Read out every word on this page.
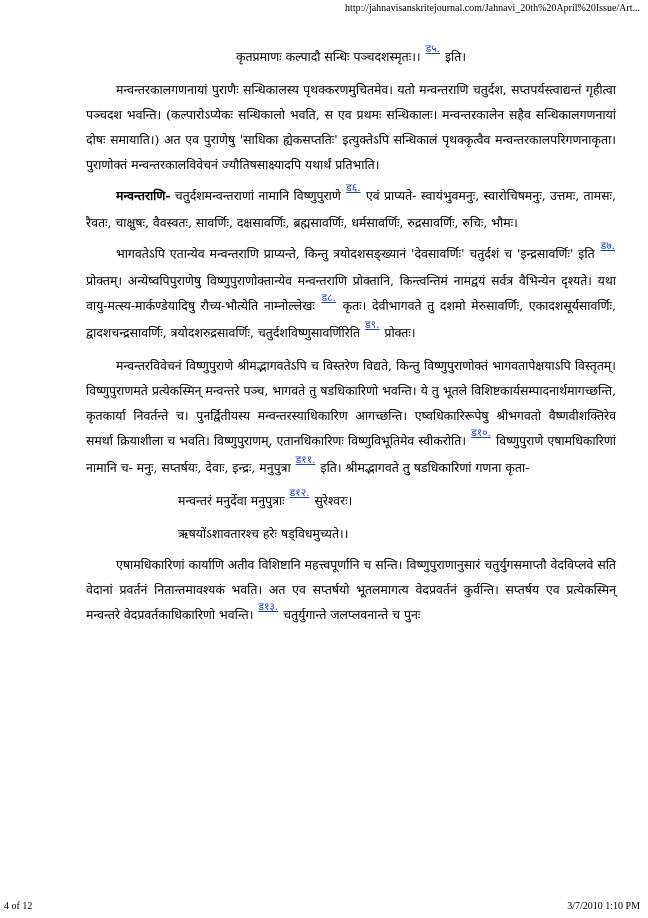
http://jahnavisanskritejournal.com/Jahnavi_20th%20April%20Issue/Art...

कृतप्रमाणः कल्पादौ सन्धिः पञ्चदशस्मृतः।। $^{ड५.}$ इति।

मन्वन्तरकालगणनायां पुराणैः सन्धिकालस्य पृथक्करणमुचितमेव। यतो मन्वन्तराणि चतुर्दश, सप्तपर्यस्त्वाद्यन्तं गृहीत्वा पञ्चदश भवन्ति। (कल्पारोऽप्येकः सन्धिकालो भवति, स एव प्रथमः सन्धिकालः। मन्वन्तरकालेन सहैव सन्धिकालगणनायां दोषः समायाति।) अत एव पुराणेषु 'साधिका ह्येकसप्ततिः' इत्युक्तेऽपि सन्धिकालं पृथक्कृत्वैव मन्वन्तरकालपरिगणनाकृता। पुराणोक्तं मन्वन्तरकालविवेचनं ज्यौतिषसाक्ष्यादपि यथार्थं प्रतिभाति।

मन्वन्तराणि- चतुर्दशमन्वन्तराणां नामानि विष्णुपुराणे $^{ड६.}$ एवं प्राप्यते- स्वायंभुवमनुः, स्वारोचिषमनुः, उत्तमः, तामसः, रैवतः, चाक्षुषः, वैवस्वतः, सावर्णिः, दक्षसावर्णिः, ब्रह्मसावर्णिः, धर्मसावर्णिः, रुद्रसावर्णिः, रुचिः, भौमः।

भागवतेऽपि एतान्येव मन्वन्तराणि प्राप्यन्ते, किन्तु त्रयोदशसङ्ख्यानं 'देवसावर्णिः' चतुर्दशं च 'इन्द्रसावर्णिः' इति $^{ड७.}$ प्रोक्तम्। अन्येष्वपिपुराणेषु विष्णुपुराणोक्तान्येव मन्वन्तराणि प्रोक्तानि, किन्त्वन्तिमं नामद्वयं सर्वत्र वैभिन्येन दृश्यते। यथा वायु-मत्स्य-मार्कण्डेयादिषु रौच्य-भौत्येति नाम्नोल्लेखः $^{ड८.}$ कृतः। देवीभागवते तु दशमो मेरुसावर्णिः, एकादशसूर्यसावर्णिः, द्वादशचन्द्रसावर्णिः, त्रयोदशरुद्रसावर्णिः, चतुर्दशविष्णुसावर्णिरिति $^{ड९.}$ प्रोक्तः।

मन्वन्तरविवेचनं विष्णुपुराणे श्रीमद्भागवतेऽपि च विस्तरेण विद्यते, किन्तु विष्णुपुराणोक्तं भागवतापेक्षयाऽपि विस्तृतम्। विष्णुपुराणमते प्रत्येकस्मिन् मन्वन्तरे पञ्च, भागवते तु षडधिकारिणो भवन्ति। ये तु भूतले विशिष्टकार्यसम्पादनार्थमागच्छन्ति, कृतकार्या निवर्तन्ते च। पुनर्द्वितीयस्य मन्वन्तरस्याधिकारिण आगच्छन्ति। एष्वधिकारिरूपेषु श्रीभगवतो वैष्णवीशक्तिरेव समर्था क्रियाशीला च भवति। विष्णुपुराणम्, एतानधिकारिणः विष्णुविभूतिमेव स्वीकरोति। $^{ड१०.}$ विष्णुपुराणे एषामधिकारिणां नामानि च- मनुः, सप्तर्षयः, देवाः, इन्द्रः, मनुपुत्रा $^{ड११.}$ इति। श्रीमद्भागवते तु षडधिकारिणां गणना कृता-

मन्वन्तरं मनुर्देवा मनुपुत्राः $^{ड१२.}$ सुरेश्वरः।

ऋषयोंऽशावतारश्च हरेः षड्विधमुच्यते।।

एषामधिकारिणां कार्याणि अतीव विशिष्टानि महत्त्वपूर्णानि च सन्ति। विष्णुपुराणानुसारं चतुर्युगसमाप्तौ वेदविप्लवे सति वेदानां प्रवर्तनं नितान्तमावश्यकं भवति। अत एव सप्तर्षयो भूतलमागत्य वेदप्रवर्तनं कुर्वन्ति। सप्तर्षय एव प्रत्येकस्मिन् मन्वन्तरे वेदप्रवर्तकाधिकारिणो भवन्ति। $^{ड१३.}$ चतुर्युगान्ते जलप्लवनान्ते च पुनः

4 of 12	3/7/2010 1:10 PM
